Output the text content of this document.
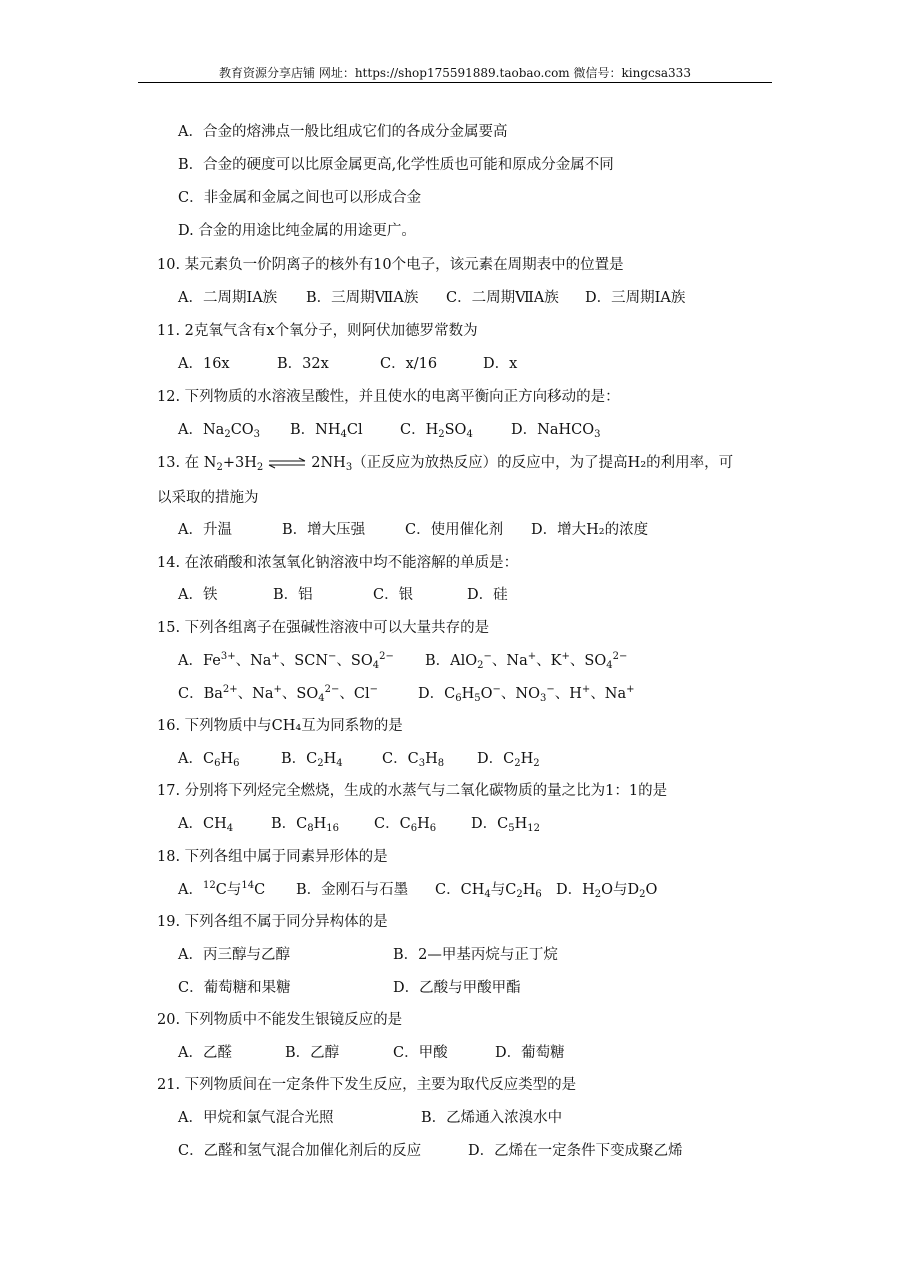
教育资源分享店铺 网址：https://shop175591889.taobao.com 微信号：kingcsa333
A．合金的熔沸点一般比组成它们的各成分金属要高
B．合金的硬度可以比原金属更高,化学性质也可能和原成分金属不同
C．非金属和金属之间也可以形成合金
D. 合金的用途比纯金属的用途更广。
10. 某元素负一价阴离子的核外有10个电子，该元素在周期表中的位置是
A．二周期ⅠA族 B．三周期ⅦA族 C．二周期ⅦA族 D．三周期ⅠA族
11. 2克氧气含有x个氧分子，则阿伏加德罗常数为
A．16x	B．32x	C．x/16	D．x
12. 下列物质的水溶液呈酸性，并且使水的电离平衡向正方向移动的是：
A．$Na_2CO_3$ B．$NH_4Cl$	C．$H_2SO_4$	D．NaHCO$_3$
13. 在 $N_2+3H_2$ ⇌ $2NH_3$（正反应为放热反应）的反应中，为了提高H₂的利用率，可
以采取的措施为
A．升温	B．增大压强	C．使用催化剂 D．增大H₂的浓度
14. 在浓硝酸和浓氢氧化钠溶液中均不能溶解的单质是：
A．铁	B．铝	C．银	D．硅
15. 下列各组离子在强碱性溶液中可以大量共存的是
A．$Fe^{3+}$、Na+、SCN−、$SO_4^{2-}$ B．AlO$_2$−、Na+、K+、$SO_4^{2-}$
C．$Ba^{2+}$、Na+、$SO_4^{2-}$、Cl−	D．$C_6H_5O^-$、$NO_3^-$、H+、Na+
16. 下列物质中与CH₄互为同系物的是
A．$C_6H_6$	B．$C_2H_4$	C．$C_3H_8$ D．$C_2H_2$
17. 分别将下列烃完全燃烧，生成的水蒸气与二氧化碳物质的量之比为1：1的是
A．$CH_4$	B．$C_8H_{16}$ C．$C_6H_6$ D．$C_5H_{12}$
18. 下列各组中属于同素异形体的是
A．$^{12}$C与$^{14}$C B．金刚石与石墨 C．$CH_4$与$C_2H_6$ D．$H_2O$与$D_2O$
19. 下列各组不属于同分异构体的是
A．丙三醇与乙醇	B．2—甲基丙烷与正丁烷
C．葡萄糖和果糖	D．乙酸与甲酸甲酯
20. 下列物质中不能发生银镜反应的是
A．乙醛	B．乙醇	C．甲酸	D．葡萄糖
21. 下列物质间在一定条件下发生反应，主要为取代反应类型的是
A．甲烷和氯气混合光照	B．乙烯通入浓溴水中
C．乙醛和氢气混合加催化剂后的反应	D．乙烯在一定条件下变成聚乙烯
